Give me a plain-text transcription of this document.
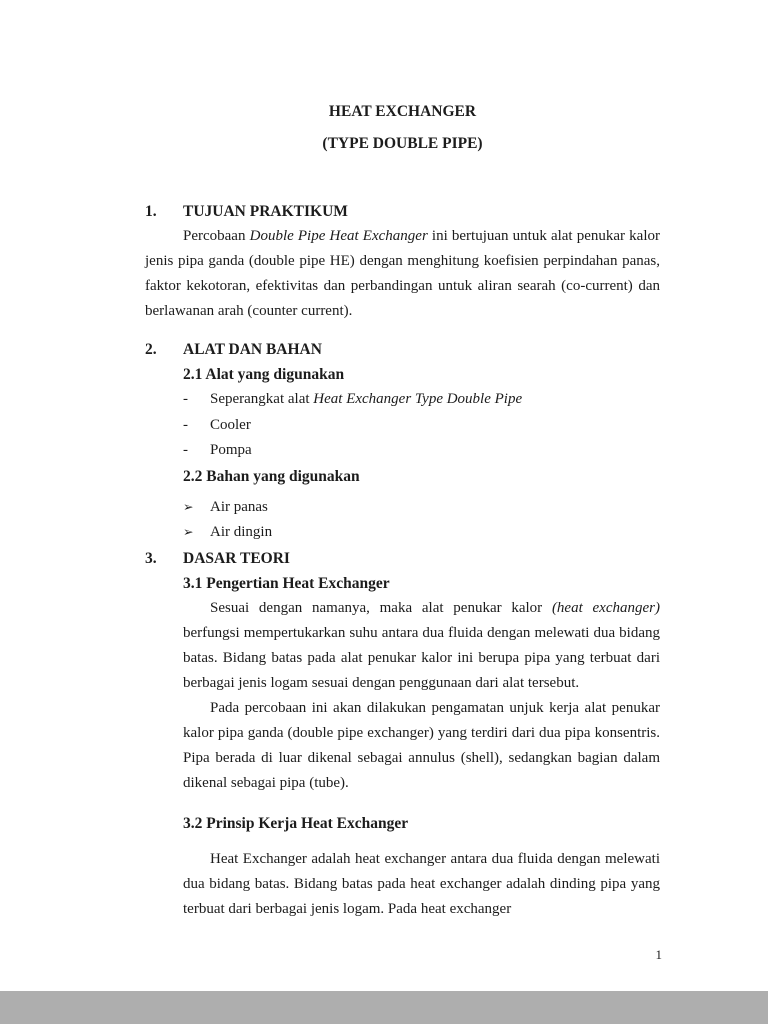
HEAT EXCHANGER
(TYPE DOUBLE PIPE)
1.	TUJUAN PRAKTIKUM

Percobaan Double Pipe Heat Exchanger ini bertujuan untuk alat penukar kalor jenis pipa ganda (double pipe HE) dengan menghitung koefisien perpindahan panas, faktor kekotoran, efektivitas dan perbandingan untuk aliran searah (co-current) dan berlawanan arah (counter current).

2.	ALAT DAN BAHAN
2.1 Alat yang digunakan
-	Seperangkat alat Heat Exchanger Type Double Pipe
-	Cooler
-	Pompa
2.2 Bahan yang digunakan
➢	Air panas
➢	Air dingin
3.	DASAR TEORI
3.1 Pengertian Heat Exchanger

Sesuai dengan namanya, maka alat penukar kalor (heat exchanger) berfungsi mempertukarkan suhu antara dua fluida dengan melewati dua bidang batas. Bidang batas pada alat penukar kalor ini berupa pipa yang terbuat dari berbagai jenis logam sesuai dengan penggunaan dari alat tersebut.

Pada percobaan ini akan dilakukan pengamatan unjuk kerja alat penukar kalor pipa ganda (double pipe exchanger) yang terdiri dari dua pipa konsentris. Pipa berada di luar dikenal sebagai annulus (shell), sedangkan bagian dalam dikenal sebagai pipa (tube).

3.2 Prinsip Kerja Heat Exchanger

Heat Exchanger adalah heat exchanger antara dua fluida dengan melewati dua bidang batas. Bidang batas pada heat exchanger adalah dinding pipa yang terbuat dari berbagai jenis logam. Pada heat exchanger

1
